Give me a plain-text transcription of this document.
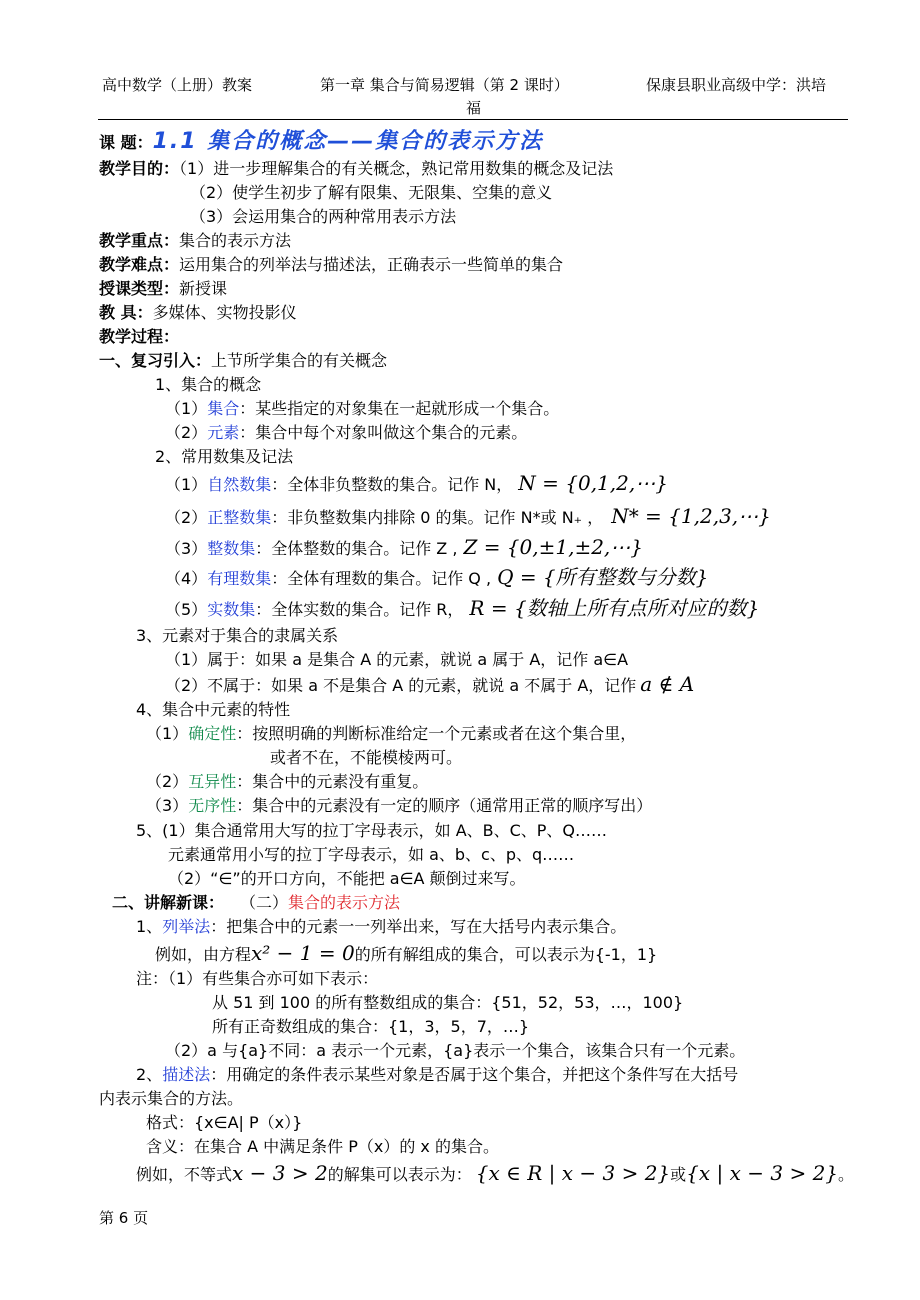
高中数学（上册）教案	第一章 集合与简易逻辑（第 2 课时）	保康县职业高级中学：洪培
福
课 题：1.1 集合的概念——集合的表示方法
教学目的：（1）进一步理解集合的有关概念，熟记常用数集的概念及记法
（2）使学生初步了解有限集、无限集、空集的意义
（3）会运用集合的两种常用表示方法
教学重点：集合的表示方法
教学难点：运用集合的列举法与描述法，正确表示一些简单的集合
授课类型：新授课
教 具：多媒体、实物投影仪
教学过程：
一、复习引入：上节所学集合的有关概念
1、集合的概念
（1）集合：某些指定的对象集在一起就形成一个集合。
（2）元素：集合中每个对象叫做这个集合的元素。
2、常用数集及记法
（1）自然数集：全体非负整数的集合。记作 N， N = {0,1,2,⋯}
（2）正整数集：非负整数集内排除 0 的集。记作 N*或 N₊ ， N* = {1,2,3,⋯}
（3）整数集：全体整数的集合。记作 Z , Z = {0,±1,±2,⋯}
（4）有理数集：全体有理数的集合。记作 Q , Q = {所有整数与分数}
（5）实数集：全体实数的集合。记作 R， R = {数轴上所有点所对应的数}
3、元素对于集合的隶属关系
（1）属于：如果 a 是集合 A 的元素，就说 a 属于 A，记作 a∈A
（2）不属于：如果 a 不是集合 A 的元素，就说 a 不属于 A，记作 a ∉ A
4、集合中元素的特性
（1）确定性：按照明确的判断标准给定一个元素或者在这个集合里，
或者不在，不能模棱两可。
（2）互异性：集合中的元素没有重复。
（3）无序性：集合中的元素没有一定的顺序（通常用正常的顺序写出）
5、(1）集合通常用大写的拉丁字母表示，如 A、B、C、P、Q……
元素通常用小写的拉丁字母表示，如 a、b、c、p、q……
（2）“∈”的开口方向，不能把 a∈A 颠倒过来写。
二、讲解新课： （二）集合的表示方法
1、列举法：把集合中的元素一一列举出来，写在大括号内表示集合。
例如，由方程x² − 1 = 0的所有解组成的集合，可以表示为{-1，1}
注：（1）有些集合亦可如下表示：
从 51 到 100 的所有整数组成的集合：{51，52，53，…，100}
所有正奇数组成的集合：{1，3，5，7，…}
（2）a 与{a}不同：a 表示一个元素，{a}表示一个集合，该集合只有一个元素。
2、描述法：用确定的条件表示某些对象是否属于这个集合，并把这个条件写在大括号
内表示集合的方法。
格式：{x∈A| P（x）}
含义：在集合 A 中满足条件 P（x）的 x 的集合。
例如，不等式x − 3 > 2的解集可以表示为： {x ∈ R | x − 3 > 2}或{x | x − 3 > 2}。
第 6 页
